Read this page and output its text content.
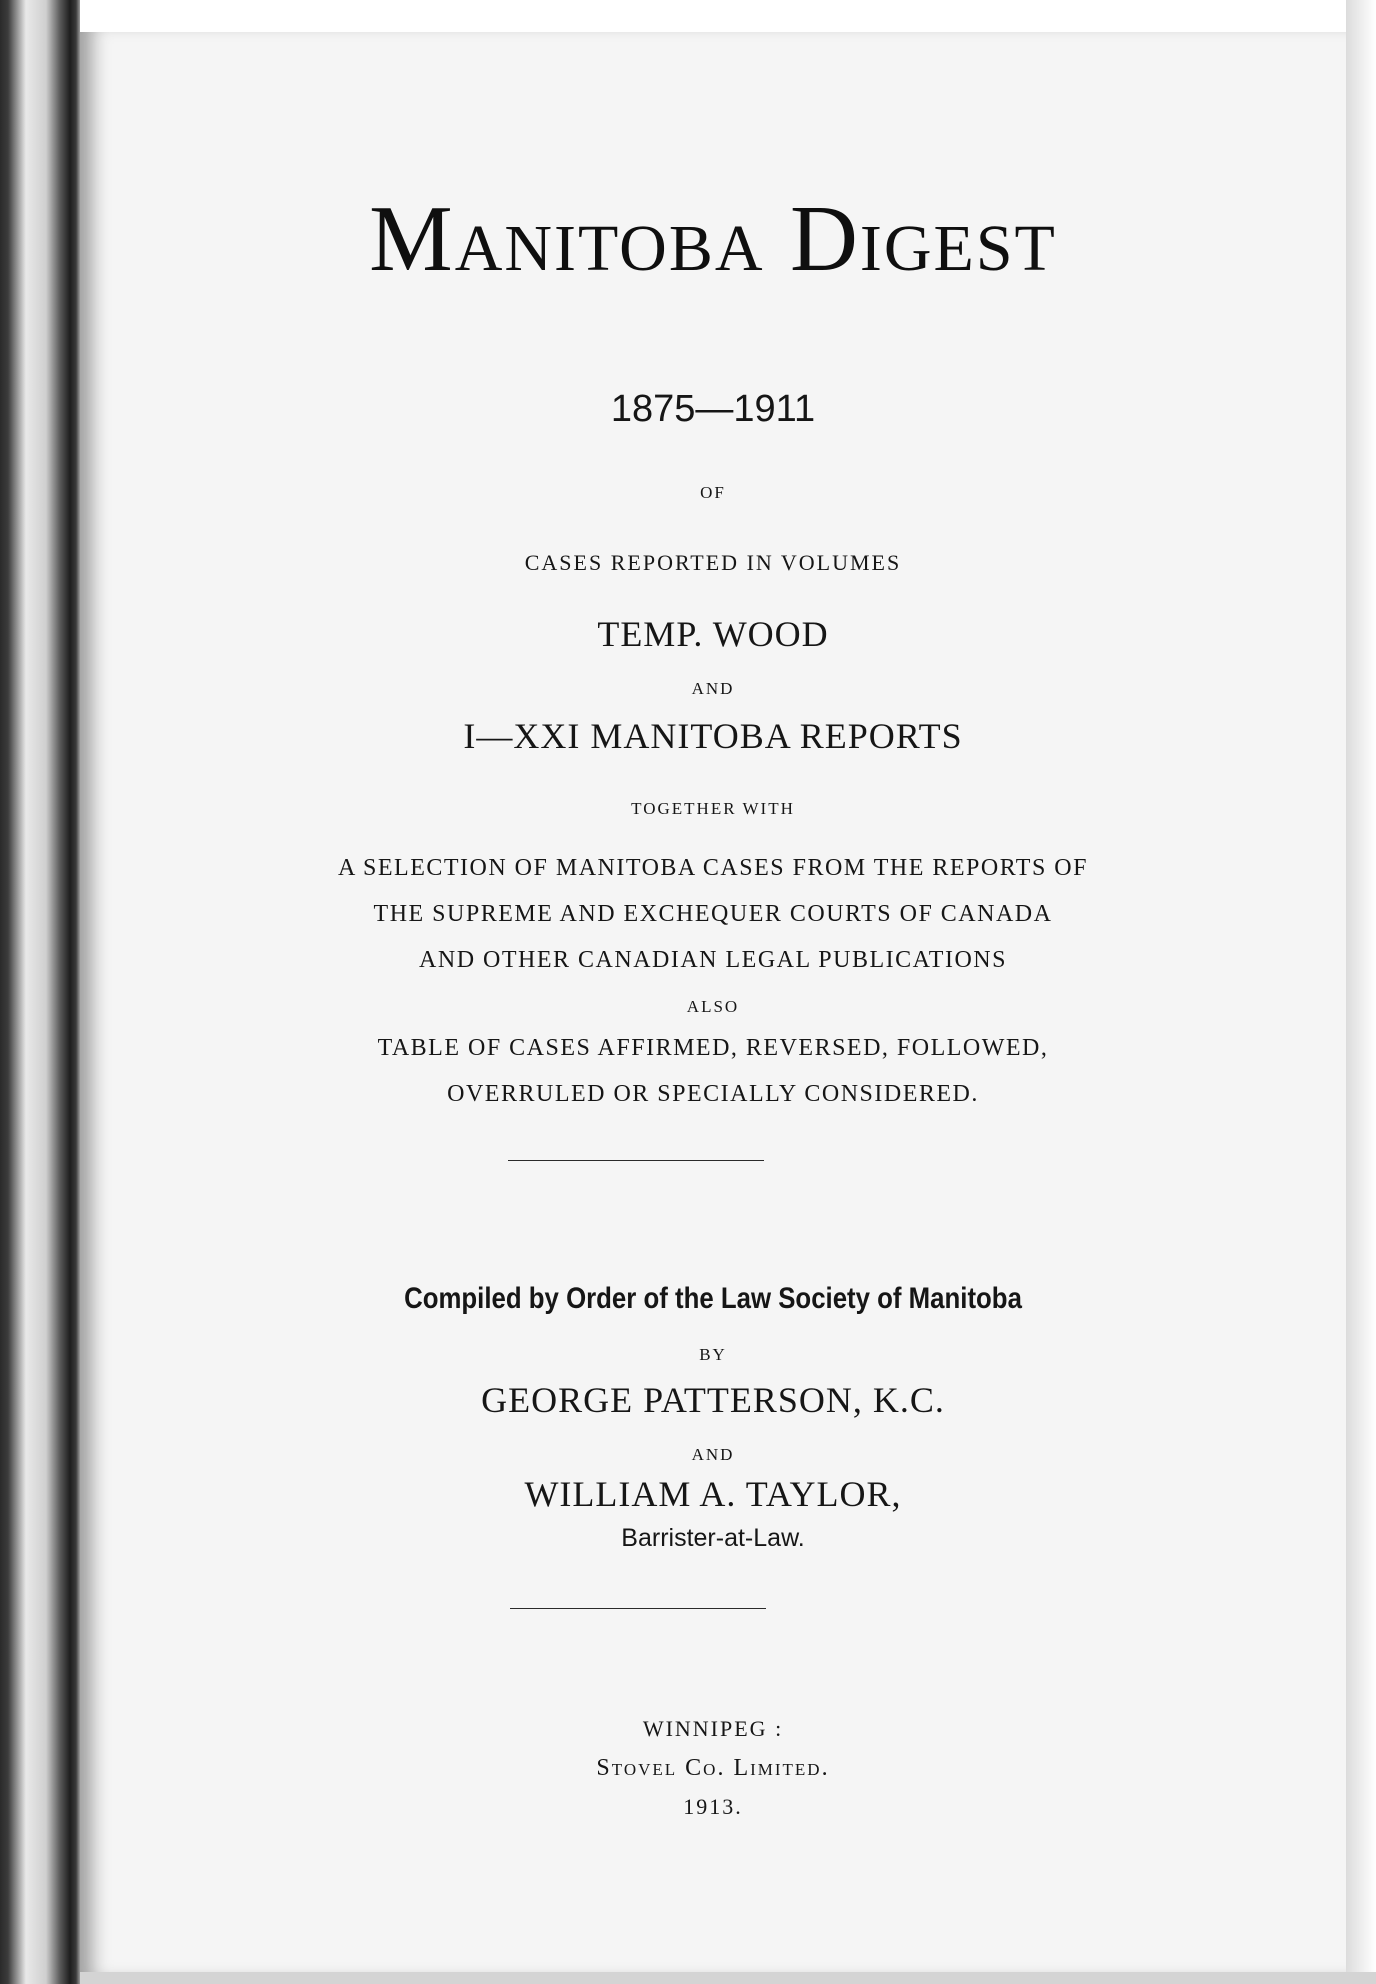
Manitoba Digest
1875—1911
OF
CASES REPORTED IN VOLUMES
TEMP. WOOD
AND
I—XXI MANITOBA REPORTS
TOGETHER WITH
A SELECTION OF MANITOBA CASES FROM THE REPORTS OF
THE SUPREME AND EXCHEQUER COURTS OF CANADA
AND OTHER CANADIAN LEGAL PUBLICATIONS
ALSO
TABLE OF CASES AFFIRMED, REVERSED, FOLLOWED,
OVERRULED OR SPECIALLY CONSIDERED.
Compiled by Order of the Law Society of Manitoba
BY
GEORGE PATTERSON, K.C.
AND
WILLIAM A. TAYLOR,
Barrister-at-Law.
WINNIPEG :
Stovel Co. Limited.
1913.
